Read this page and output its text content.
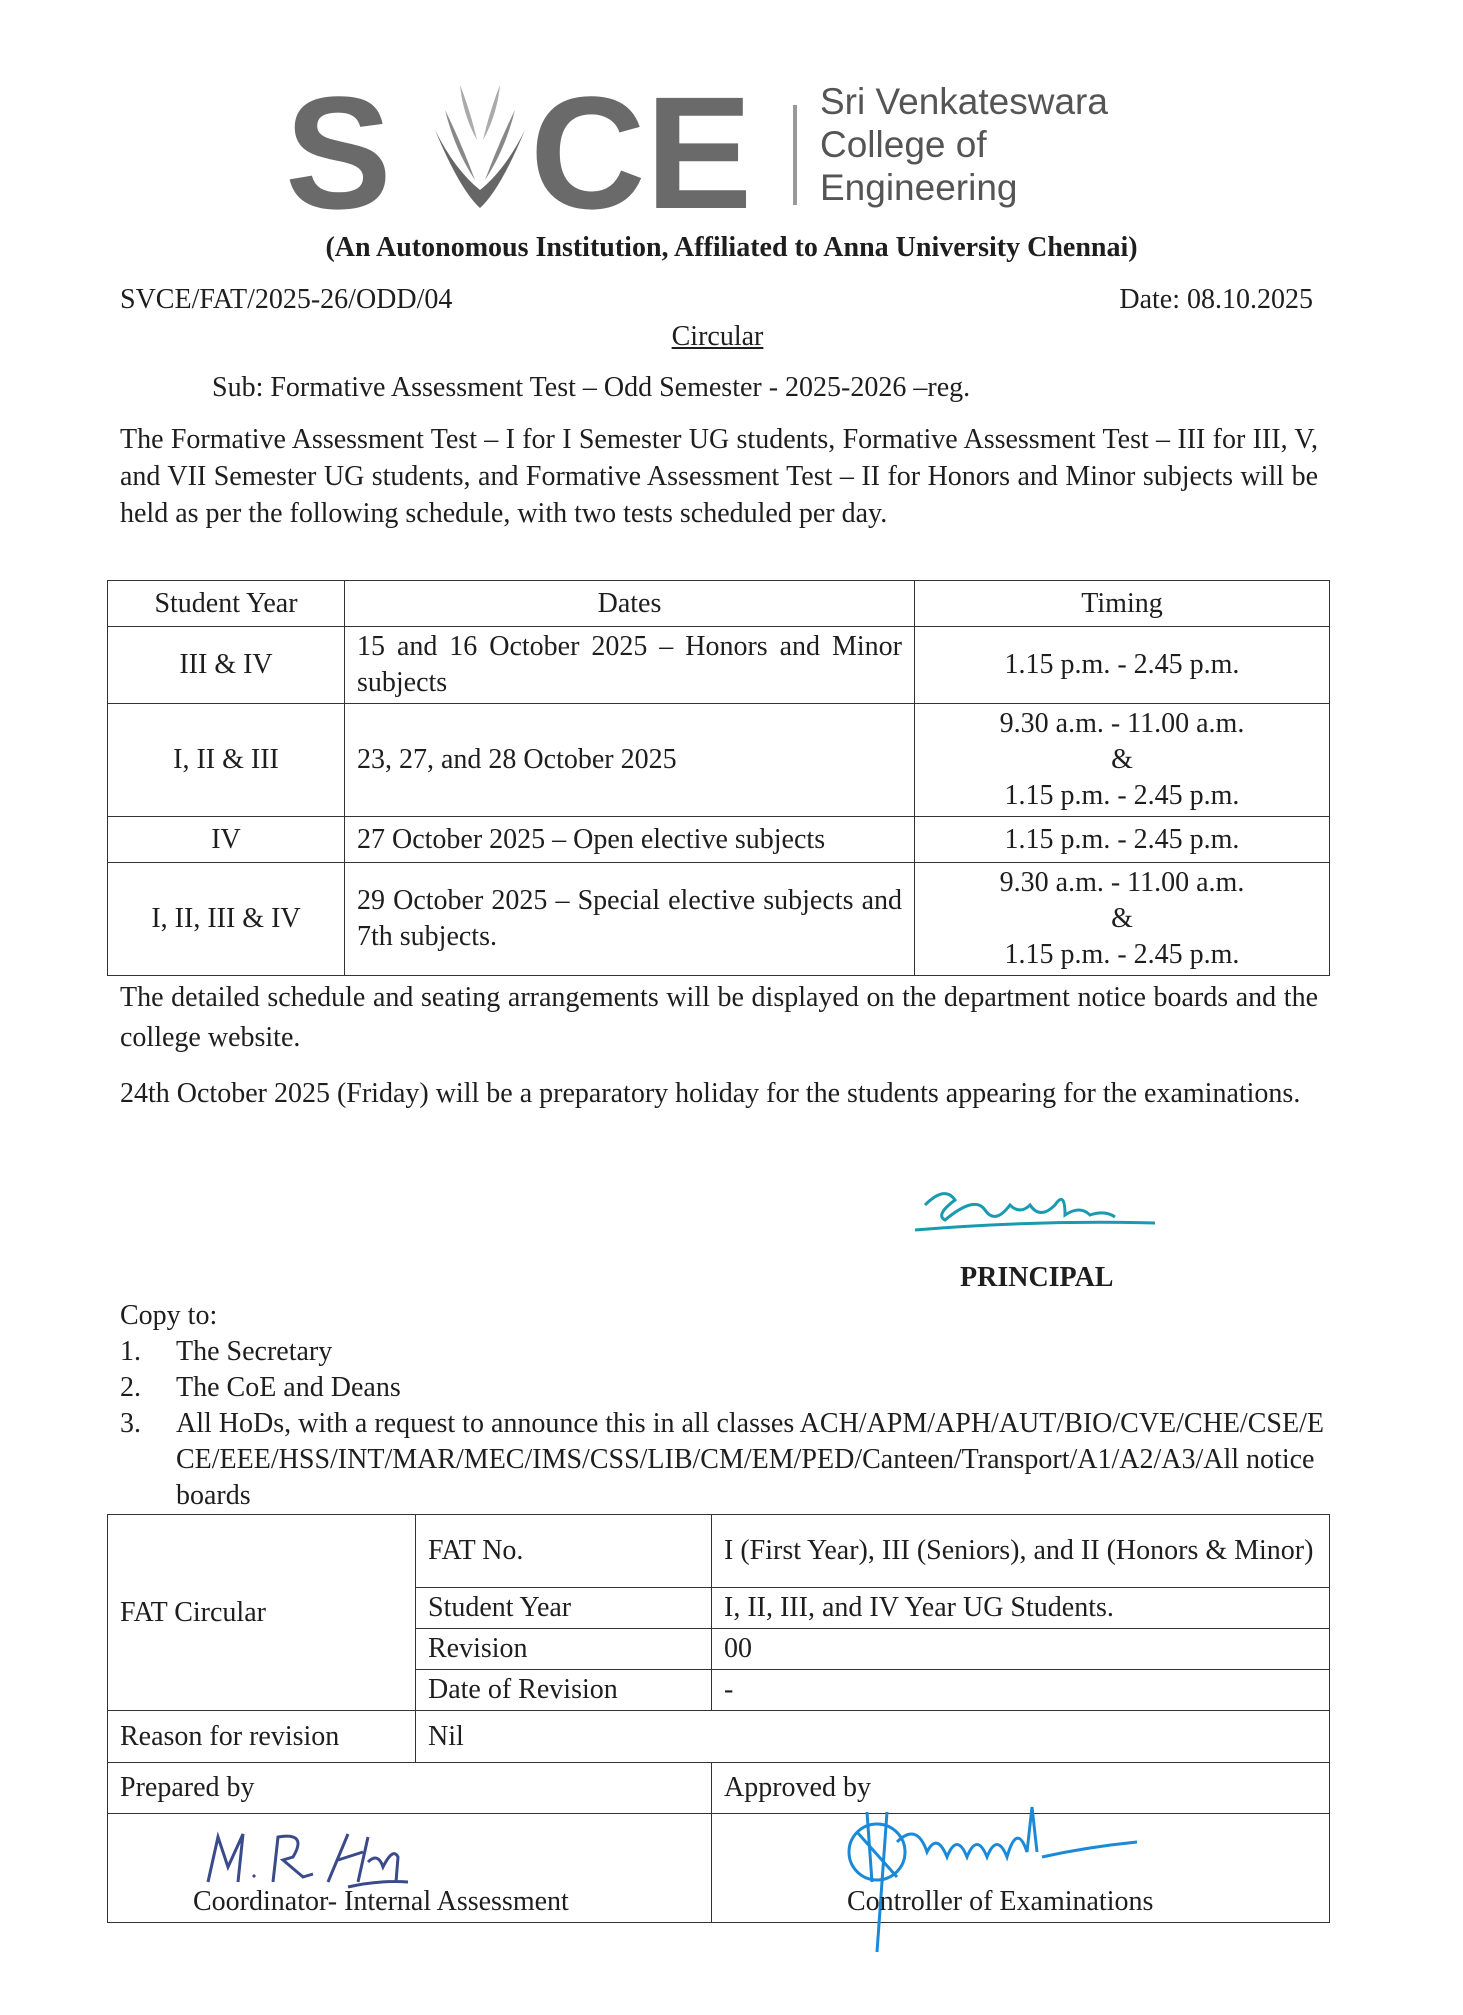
S CE Sri Venkateswara
College of
Engineering
(An Autonomous Institution, Affiliated to Anna University Chennai)
SVCE/FAT/2025-26/ODD/04	Date: 08.10.2025
Circular
Sub: Formative Assessment Test – Odd Semester - 2025-2026 –reg.
The Formative Assessment Test – I for I Semester UG students, Formative Assessment Test – III for III, V, and VII Semester UG students, and Formative Assessment Test – II for Honors and Minor subjects will be held as per the following schedule, with two tests scheduled per day.
Student Year	Dates	Timing
III & IV	15 and 16 October 2025 – Honors and Minor subjects	1.15 p.m. - 2.45 p.m.
I, II & III	23, 27, and 28 October 2025	9.30 a.m. - 11.00 a.m.
&
1.15 p.m. - 2.45 p.m.

IV	27 October 2025 – Open elective subjects	1.15 p.m. - 2.45 p.m.
I, II, III & IV	29 October 2025 – Special elective subjects and 7th subjects.	9.30 a.m. - 11.00 a.m.
&
1.15 p.m. - 2.45 p.m.
The detailed schedule and seating arrangements will be displayed on the department notice boards and the college website.
24th October 2025 (Friday) will be a preparatory holiday for the students appearing for the examinations.
PRINCIPAL
Copy to:
1. The Secretary
2. The CoE and Deans
3. All HoDs, with a request to announce this in all classes ACH/APM/APH/AUT/BIO/CVE/CHE/CSE/ECE/EEE/HSS/INT/MAR/MEC/IMS/CSS/LIB/CM/EM/PED/Canteen/Transport/A1/A2/A3/All notice boards
FAT Circular	FAT No.	I (First Year), III (Seniors), and II (Honors & Minor)
	Student Year	I, II, III, and IV Year UG Students.
	Revision	00
	Date of Revision	-
Reason for revision	Nil	
Prepared by		Approved by

Coordinator- Internal Assessment		Controller of Examinations
